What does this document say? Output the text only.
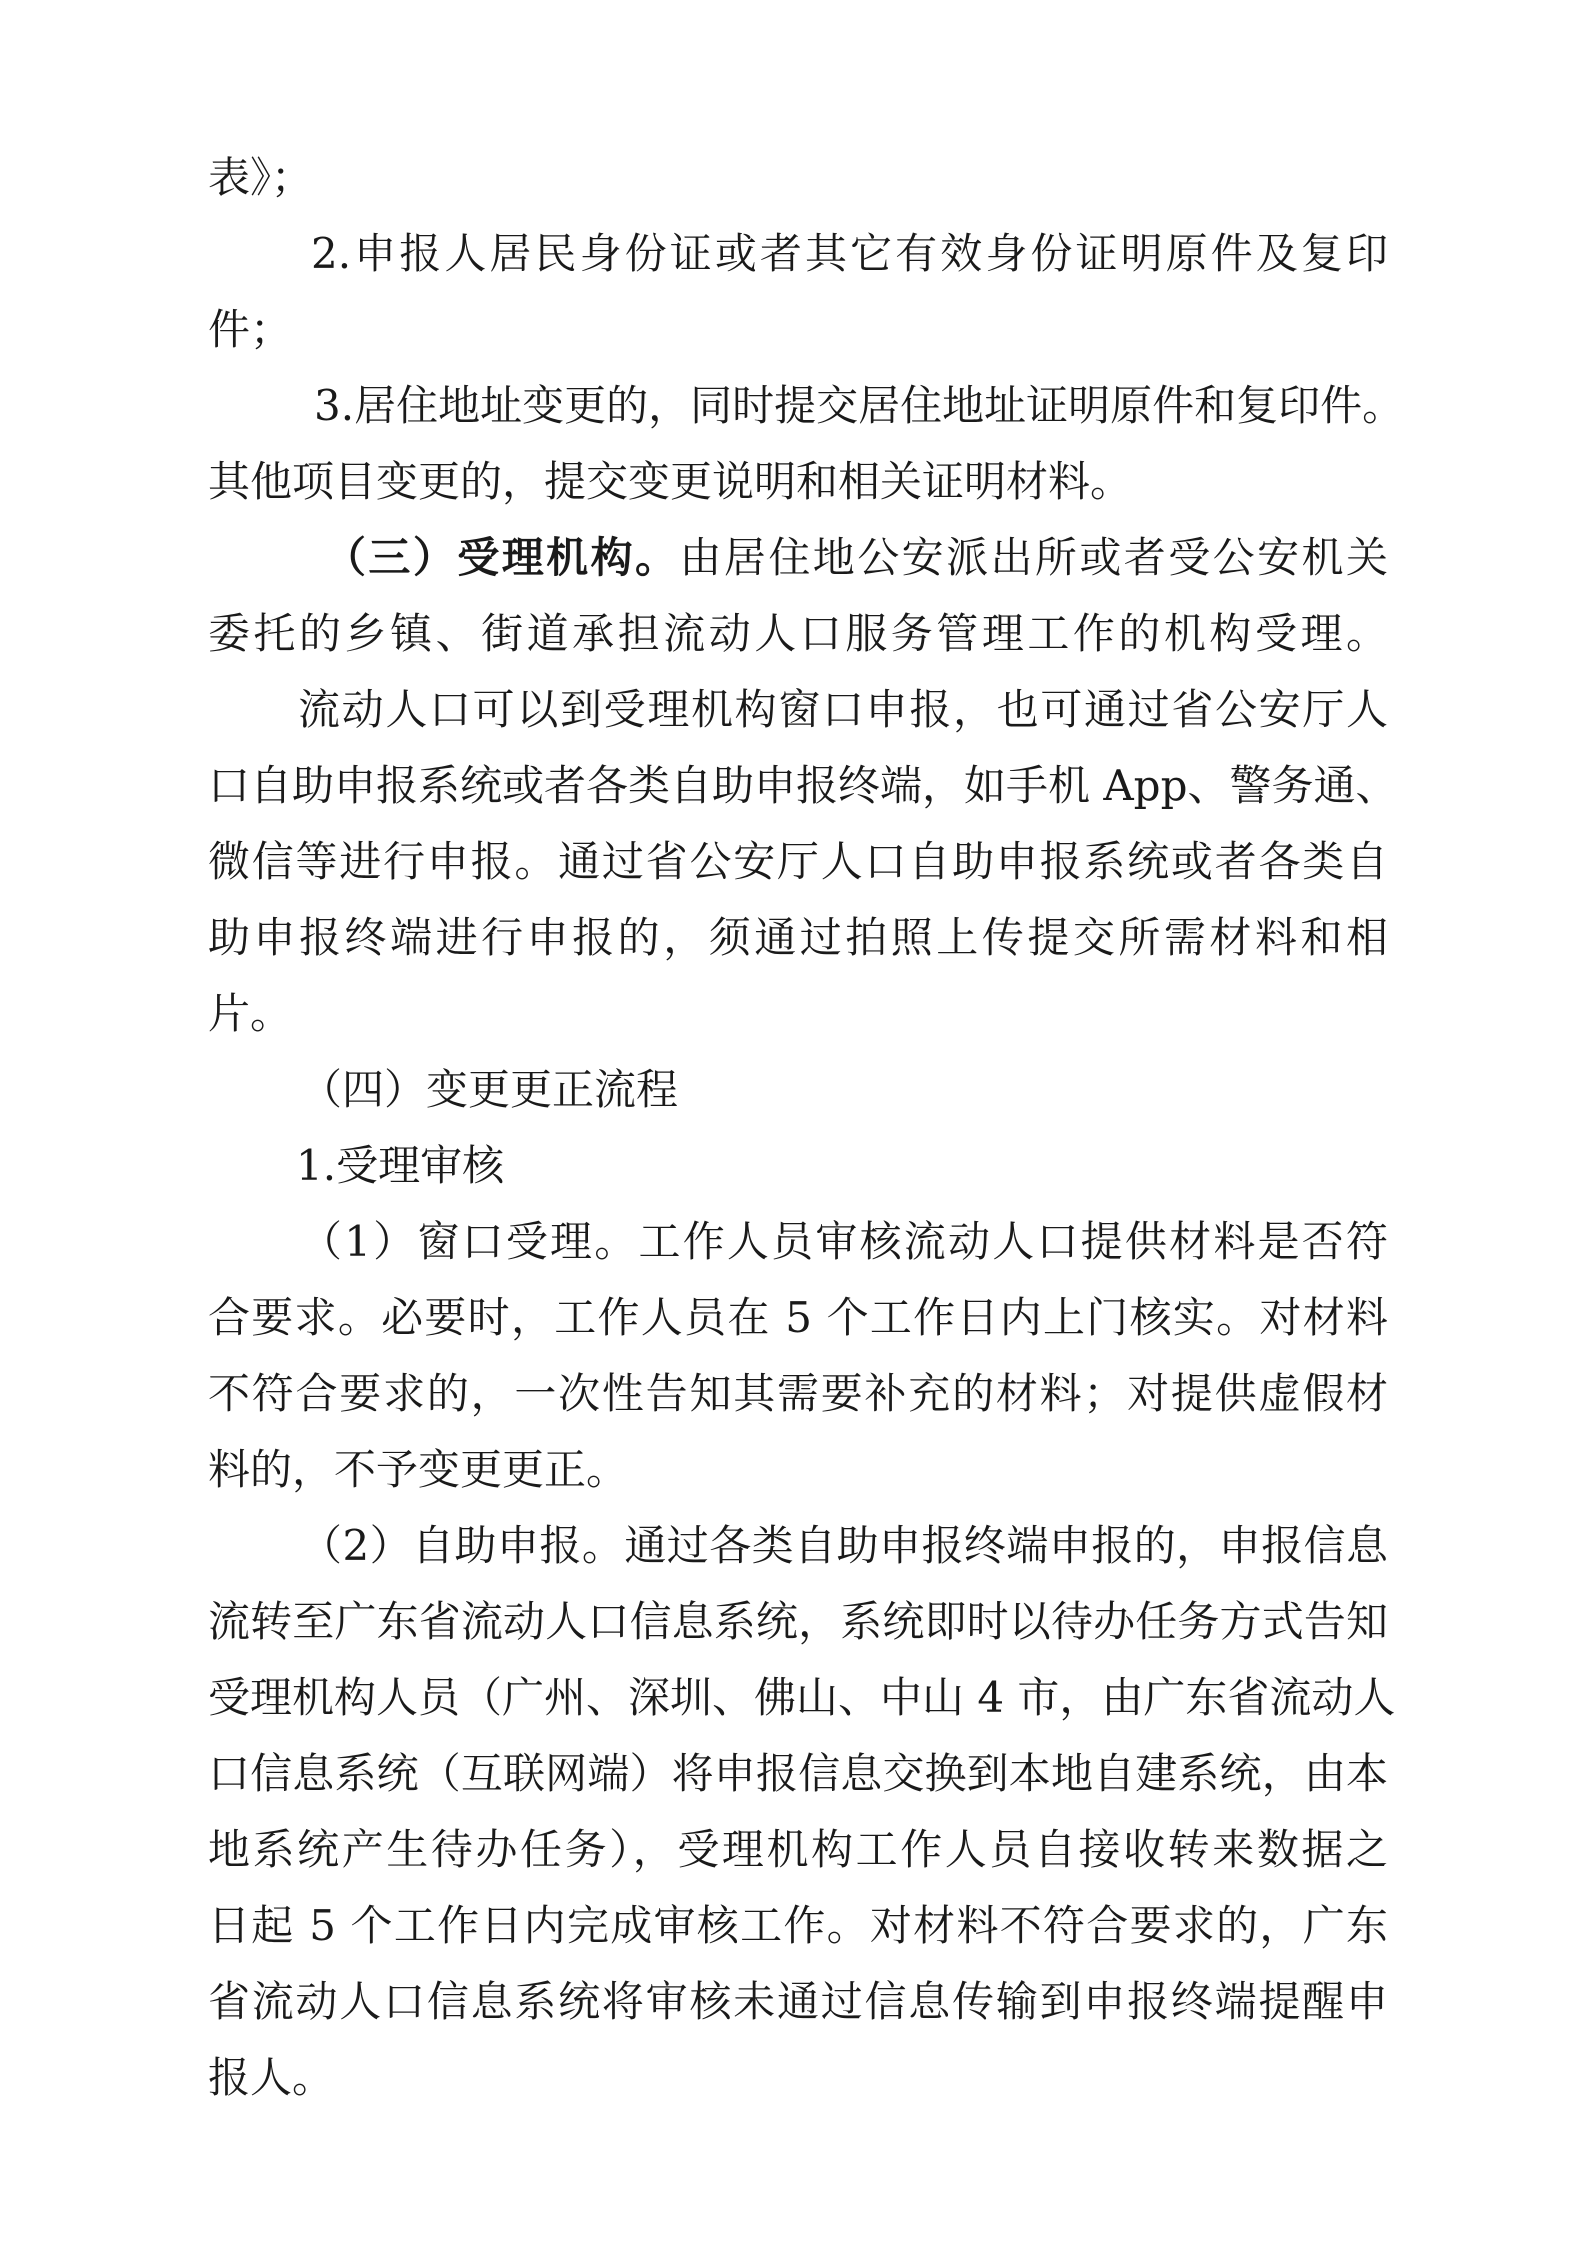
表》；
2.申报人居民身份证或者其它有效身份证明原件及复印
件；
3.居住地址变更的，同时提交居住地址证明原件和复印件。
其他项目变更的，提交变更说明和相关证明材料。
（三）受理机构。由居住地公安派出所或者受公安机关
委托的乡镇、街道承担流动人口服务管理工作的机构受理。
流动人口可以到受理机构窗口申报，也可通过省公安厅人
口自助申报系统或者各类自助申报终端，如手机 App、警务通、
微信等进行申报。通过省公安厅人口自助申报系统或者各类自
助申报终端进行申报的，须通过拍照上传提交所需材料和相
片。
（四）变更更正流程
1.受理审核
（1）窗口受理。工作人员审核流动人口提供材料是否符
合要求。必要时，工作人员在 5 个工作日内上门核实。对材料
不符合要求的，一次性告知其需要补充的材料；对提供虚假材
料的，不予变更更正。
（2）自助申报。通过各类自助申报终端申报的，申报信息
流转至广东省流动人口信息系统，系统即时以待办任务方式告知
受理机构人员（广州、深圳、佛山、中山 4 市，由广东省流动人
口信息系统（互联网端）将申报信息交换到本地自建系统，由本
地系统产生待办任务），受理机构工作人员自接收转来数据之
日起 5 个工作日内完成审核工作。对材料不符合要求的，广东
省流动人口信息系统将审核未通过信息传输到申报终端提醒申
报人。
